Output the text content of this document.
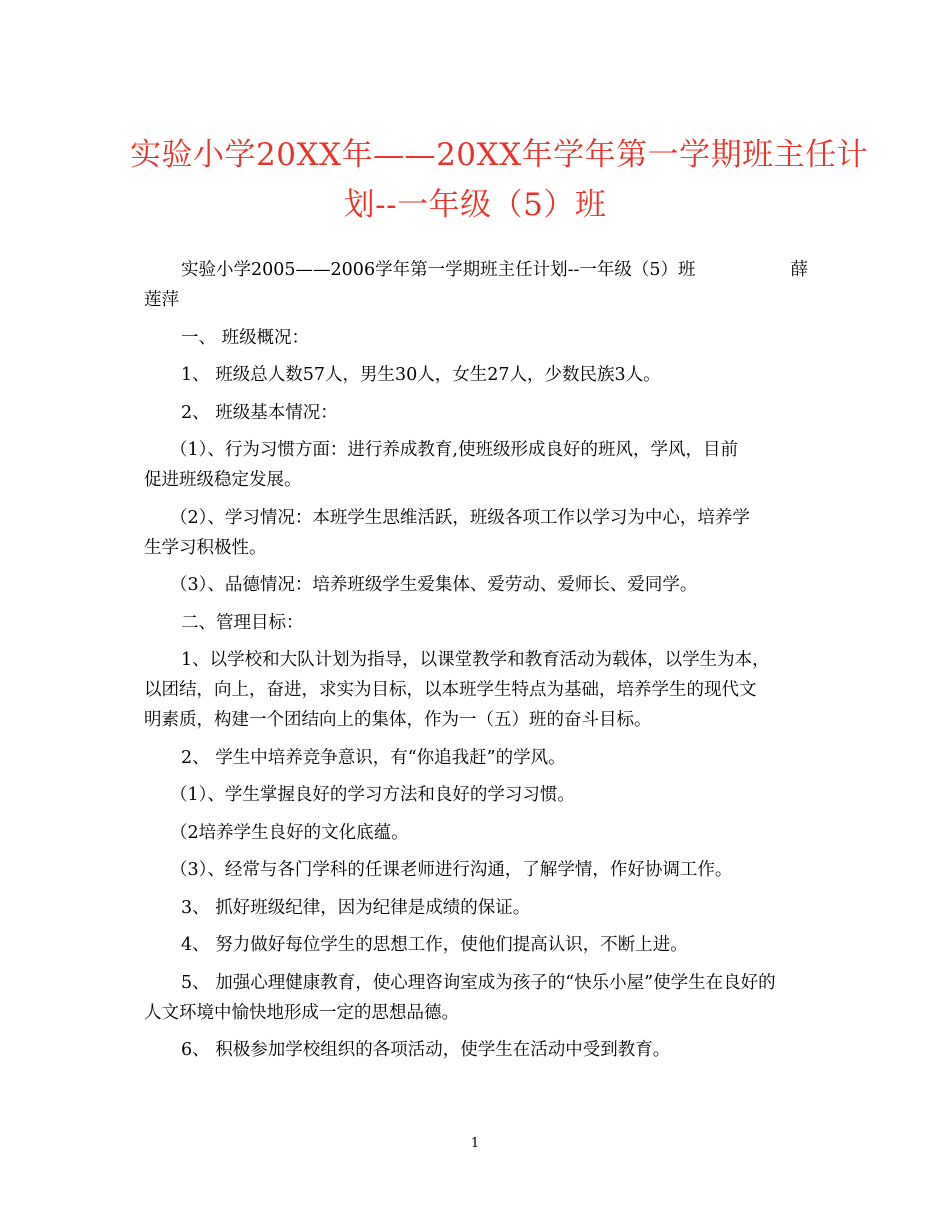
实验小学20XX年——20XX年学年第一学期班主任计
划--一年级（5）班
实验小学2005——2006学年第一学期班主任计划--一年级（5）班	薛
莲萍
一、 班级概况：
1、 班级总人数57人，男生30人，女生27人，少数民族3人。
2、 班级基本情况：
（1）、行为习惯方面：进行养成教育,使班级形成良好的班风，学风，目前
促进班级稳定发展。
（2）、学习情况：本班学生思维活跃，班级各项工作以学习为中心，培养学
生学习积极性。
（3）、品德情况：培养班级学生爱集体、爱劳动、爱师长、爱同学。
二、管理目标：
1、以学校和大队计划为指导，以课堂教学和教育活动为载体，以学生为本，
以团结，向上，奋进，求实为目标，以本班学生特点为基础，培养学生的现代文
明素质，构建一个团结向上的集体，作为一（五）班的奋斗目标。
2、 学生中培养竞争意识，有“你追我赶”的学风。
（1）、学生掌握良好的学习方法和良好的学习习惯。
（2培养学生良好的文化底蕴。
（3）、经常与各门学科的任课老师进行沟通，了解学情，作好协调工作。
3、 抓好班级纪律，因为纪律是成绩的保证。
4、 努力做好每位学生的思想工作，使他们提高认识，不断上进。
5、 加强心理健康教育，使心理咨询室成为孩子的“快乐小屋”使学生在良好的
人文环境中愉快地形成一定的思想品德。
6、 积极参加学校组织的各项活动，使学生在活动中受到教育。
1
